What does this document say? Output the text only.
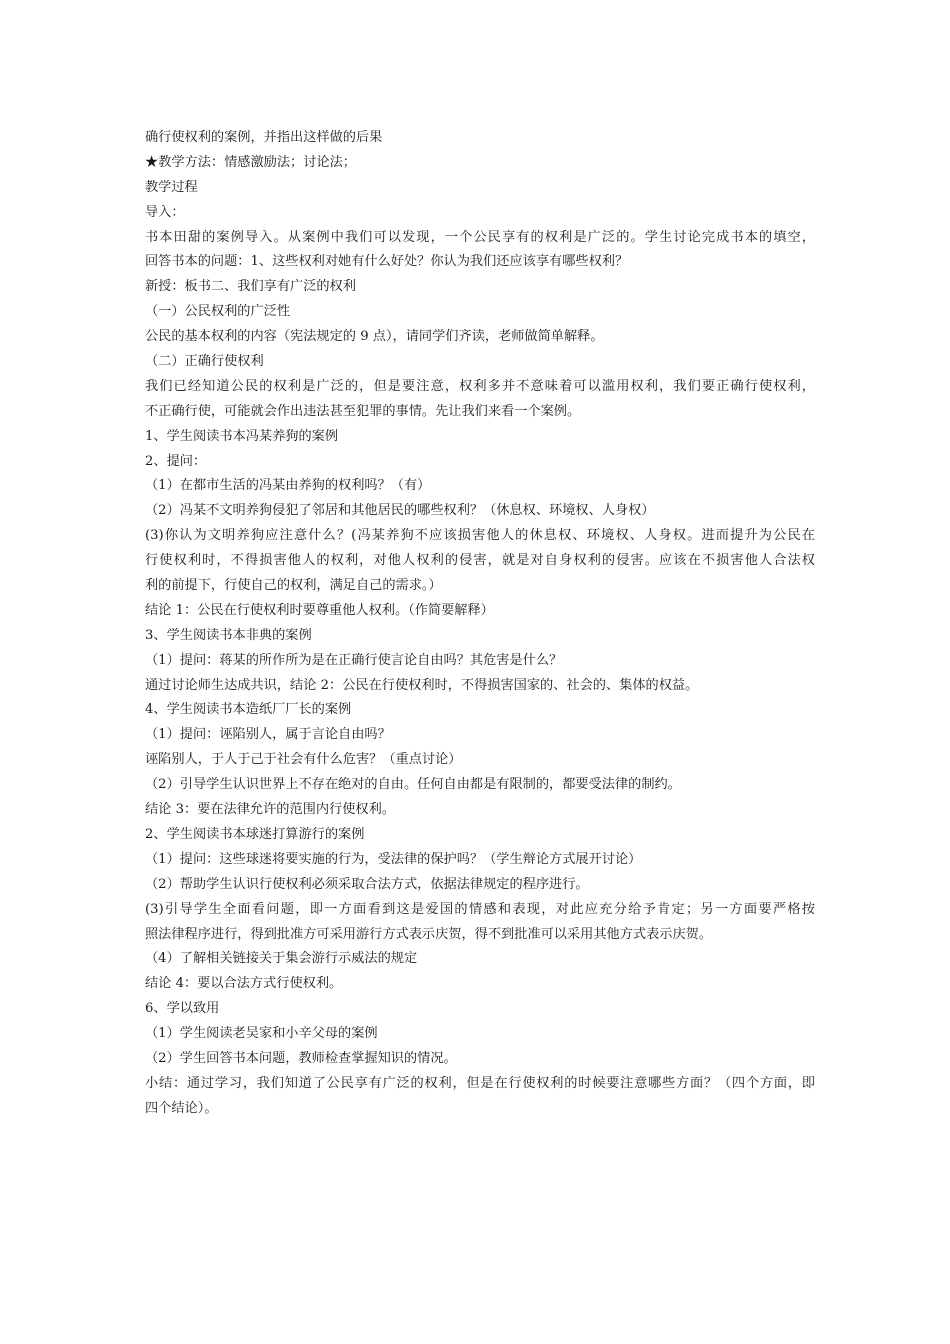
确行使权利的案例，并指出这样做的后果
★教学方法：情感激励法；讨论法；
教学过程
导入：
书本田甜的案例导入。从案例中我们可以发现，一个公民享有的权利是广泛的。学生讨论完成书本的填空，
回答书本的问题：1、这些权利对她有什么好处？你认为我们还应该享有哪些权利？
新授：板书二、我们享有广泛的权利
（一）公民权利的广泛性
公民的基本权利的内容（宪法规定的 9 点），请同学们齐读，老师做简单解释。
（二）正确行使权利
我们已经知道公民的权利是广泛的，但是要注意，权利多并不意味着可以滥用权利，我们要正确行使权利，
不正确行使，可能就会作出违法甚至犯罪的事情。先让我们来看一个案例。
1、学生阅读书本冯某养狗的案例
2、提问：
（1）在都市生活的冯某由养狗的权利吗？（有）
（2）冯某不文明养狗侵犯了邻居和其他居民的哪些权利？（休息权、环境权、人身权）
(3)你认为文明养狗应注意什么？(冯某养狗不应该损害他人的休息权、环境权、人身权。进而提升为公民在
行使权利时，不得损害他人的权利，对他人权利的侵害，就是对自身权利的侵害。应该在不损害他人合法权
利的前提下，行使自己的权利，满足自己的需求。）
结论 1：公民在行使权利时要尊重他人权利。（作简要解释）
3、学生阅读书本非典的案例
（1）提问：蒋某的所作所为是在正确行使言论自由吗？其危害是什么？
通过讨论师生达成共识，结论 2：公民在行使权利时，不得损害国家的、社会的、集体的权益。
4、学生阅读书本造纸厂厂长的案例
（1）提问：诬陷别人，属于言论自由吗？
诬陷别人，于人于己于社会有什么危害？（重点讨论）
（2）引导学生认识世界上不存在绝对的自由。任何自由都是有限制的，都要受法律的制约。
结论 3：要在法律允许的范围内行使权利。
2、学生阅读书本球迷打算游行的案例
（1）提问：这些球迷将要实施的行为，受法律的保护吗？（学生辩论方式展开讨论）
（2）帮助学生认识行使权利必须采取合法方式，依据法律规定的程序进行。
(3)引导学生全面看问题，即一方面看到这是爱国的情感和表现，对此应充分给予肯定；另一方面要严格按
照法律程序进行，得到批准方可采用游行方式表示庆贺，得不到批准可以采用其他方式表示庆贺。
（4）了解相关链接关于集会游行示威法的规定
结论 4：要以合法方式行使权利。
6、学以致用
（1）学生阅读老吴家和小辛父母的案例
（2）学生回答书本问题，教师检查掌握知识的情况。
小结：通过学习，我们知道了公民享有广泛的权利，但是在行使权利的时候要注意哪些方面？（四个方面，即
四个结论）。
